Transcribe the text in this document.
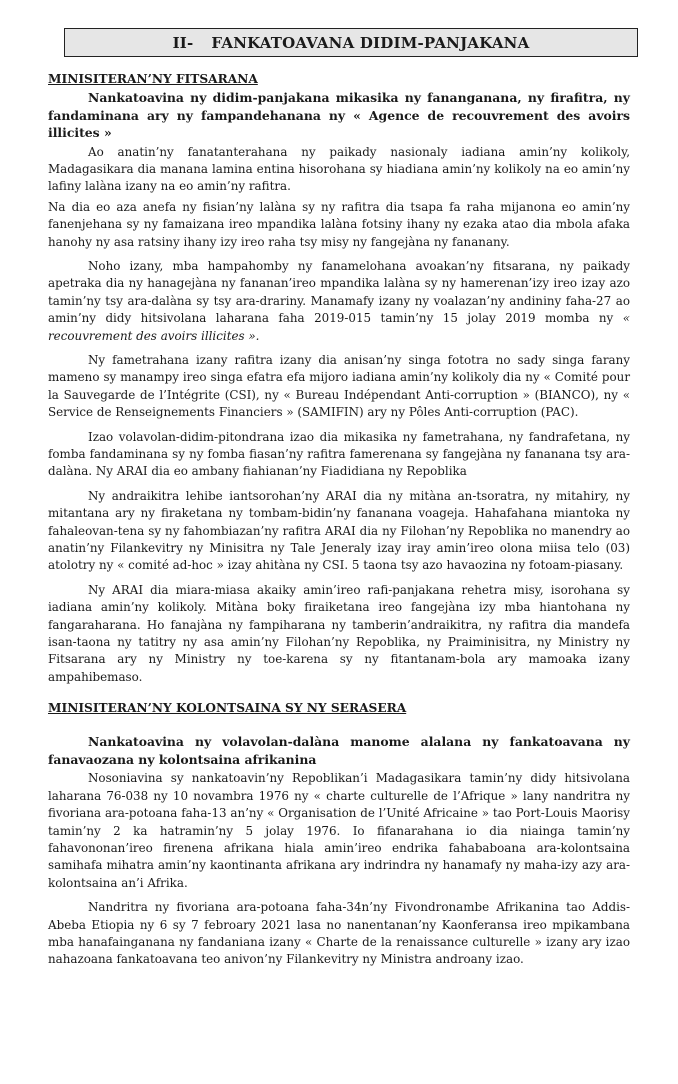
II- FANKATOAVANA DIDIM-PANJAKANA
MINISITERAN’NY FITSARANA
Nankatoavina ny didim-panjakana mikasika ny fananganana, ny firafitra, ny fandaminana ary ny fampandehanana ny « Agence de recouvrement des avoirs illicites »

Ao anatin’ny fanatanterahana ny paikady nasionaly iadiana amin’ny kolikoly, Madagasikara dia manana lamina entina hisorohana sy hiadiana amin’ny kolikoly na eo amin’ny lafiny lalàna izany na eo amin’ny rafitra.

Na dia eo aza anefa ny fisian’ny lalàna sy ny rafitra dia tsapa fa raha mijanona eo amin’ny fanenjehana sy ny famaizana ireo mpandika lalàna fotsiny ihany ny ezaka atao dia mbola afaka hanohy ny asa ratsiny ihany izy ireo raha tsy misy ny fangejàna ny fananany.

Noho izany, mba hampahomby ny fanamelohana avoakan’ny fitsarana, ny paikady apetraka dia ny hanagejàna ny fananan’ireo mpandika lalàna sy ny hamerenan’izy ireo izay azo tamin’ny tsy ara-dalàna sy tsy ara-drariny. Manamafy izany ny voalazan’ny andininy faha-27 ao amin’ny didy hitsivolana laharana faha 2019-015 tamin’ny 15 jolay 2019 momba ny « recouvrement des avoirs illicites ».

Ny fametrahana izany rafitra izany dia anisan’ny singa fototra no sady singa farany mameno sy manampy ireo singa efatra efa mijoro iadiana amin’ny kolikoly dia ny « Comité pour la Sauvegarde de l’Intégrite (CSI), ny « Bureau Indépendant Anti-corruption » (BIANCO), ny « Service de Renseignements Financiers » (SAMIFIN) ary ny Pôles Anti-corruption (PAC).

Izao volavolan-didim-pitondrana izao dia mikasika ny fametrahana, ny fandrafetana, ny fomba fandaminana sy ny fomba fiasan’ny rafitra famerenana sy fangejàna ny fananana tsy ara-dalàna. Ny ARAI dia eo ambany fiahianan’ny Fiadidiana ny Repoblika

Ny andraikitra lehibe iantsorohan’ny ARAI dia ny mitàna an-tsoratra, ny mitahiry, ny mitantana ary ny firaketana ny tombam-bidin’ny fananana voageja. Hahafahana miantoka ny fahaleovan-tena sy ny fahombiazan’ny rafitra ARAI dia ny Filohan’ny Repoblika no manendry ao anatin’ny Filankevitry ny Minisitra ny Tale Jeneraly izay iray amin’ireo olona miisa telo (03) atolotry ny « comité ad-hoc » izay ahitàna ny CSI. 5 taona tsy azo havaozina ny fotoam-piasany.

Ny ARAI dia miara-miasa akaiky amin’ireo rafi-panjakana rehetra misy, isorohana sy iadiana amin’ny kolikoly. Mitàna boky firaiketana ireo fangejàna izy mba hiantohana ny fangaraharana. Ho fanajàna ny fampiharana ny tamberin’andraikitra, ny rafitra dia mandefa isan-taona ny tatitry ny asa amin’ny Filohan’ny Repoblika, ny Praiminisitra, ny Ministry ny Fitsarana ary ny Ministry ny toe-karena sy ny fitantanam-bola ary mamoaka izany ampahibemaso.

MINISITERAN’NY KOLONTSAINA SY NY SERASERA
Nankatoavina ny volavolan-dalàna manome alalana ny fankatoavana ny fanavaozana ny kolontsaina afrikanina

Nosoniavina sy nankatoavin’ny Repoblikan’i Madagasikara tamin’ny didy hitsivolana laharana 76-038 ny 10 novambra 1976 ny « charte culturelle de l’Afrique » lany nandritra ny fivoriana ara-potoana faha-13 an’ny « Organisation de l’Unité Africaine » tao Port-Louis Maorisy tamin’ny 2 ka hatramin’ny 5 jolay 1976. Io fifanarahana io dia niainga tamin’ny fahavononan’ireo firenena afrikana hiala amin’ireo endrika fahababoana ara-kolontsaina samihafa mihatra amin’ny kaontinanta afrikana ary indrindra ny hanamafy ny maha-izy azy ara-kolontsaina an’i Afrika.

Nandritra ny fivoriana ara-potoana faha-34n’ny Fivondronambe Afrikanina tao Addis-Abeba Etiopia ny 6 sy 7 febroary 2021 lasa no nanentanan’ny Kaonferansa ireo mpikambana mba hanafainganana ny fandaniana izany « Charte de la renaissance culturelle » izany ary izao nahazoana fankatoavana teo anivon’ny Filankevitry ny Ministra androany izao.
